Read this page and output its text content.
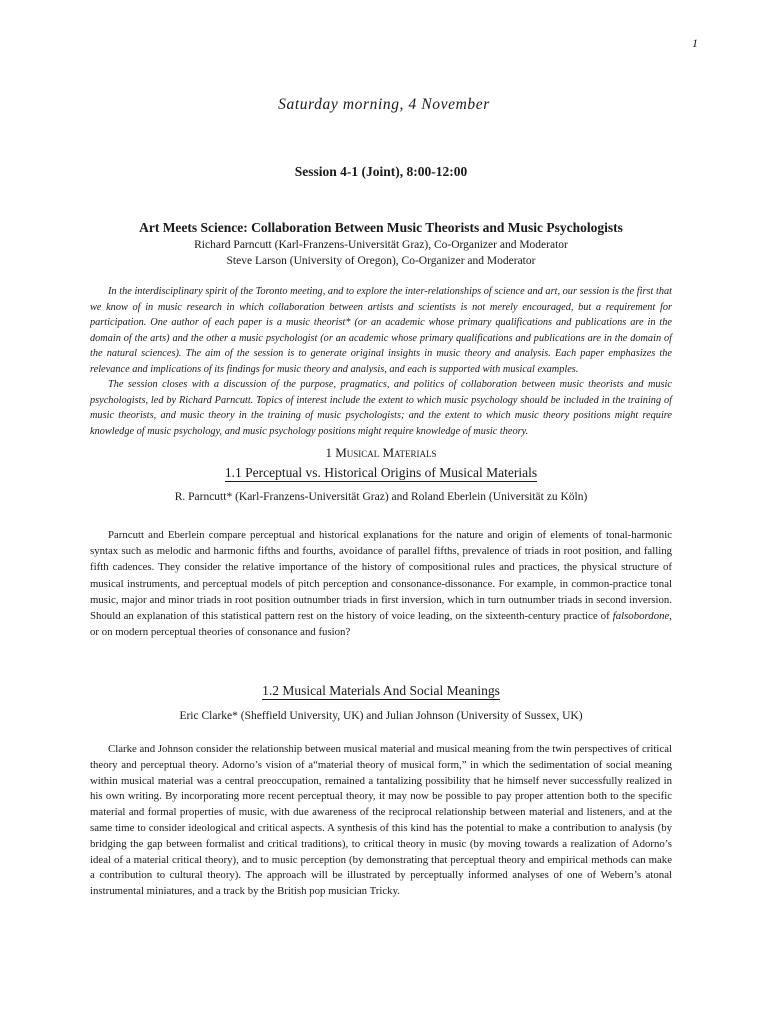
1
Saturday morning, 4 November
Session 4-1 (Joint), 8:00-12:00
Art Meets Science: Collaboration Between Music Theorists and Music Psychologists
Richard Parncutt (Karl-Franzens-Universität Graz), Co-Organizer and Moderator
Steve Larson (University of Oregon), Co-Organizer and Moderator

In the interdisciplinary spirit of the Toronto meeting, and to explore the inter-relationships of science and art, our session is the first that we know of in music research in which collaboration between artists and scientists is not merely encouraged, but a requirement for participation. One author of each paper is a music theorist* (or an academic whose primary qualifications and publications are in the domain of the arts) and the other a music psychologist (or an academic whose primary qualifications and publications are in the domain of the natural sciences). The aim of the session is to generate original insights in music theory and analysis. Each paper emphasizes the relevance and implications of its findings for music theory and analysis, and each is supported with musical examples.

The session closes with a discussion of the purpose, pragmatics, and politics of collaboration between music theorists and music psychologists, led by Richard Parncutt. Topics of interest include the extent to which music psychology should be included in the training of music theorists, and music theory in the training of music psychologists; and the extent to which music theory positions might require knowledge of music psychology, and music psychology positions might require knowledge of music theory.

1 Musical Materials
1.1 Perceptual vs. Historical Origins of Musical Materials
R. Parncutt* (Karl-Franzens-Universität Graz) and Roland Eberlein (Universität zu Köln)

Parncutt and Eberlein compare perceptual and historical explanations for the nature and origin of elements of tonal-harmonic syntax such as melodic and harmonic fifths and fourths, avoidance of parallel fifths, prevalence of triads in root position, and falling fifth cadences. They consider the relative importance of the history of compositional rules and practices, the physical structure of musical instruments, and perceptual models of pitch perception and consonance-dissonance. For example, in common-practice tonal music, major and minor triads in root position outnumber triads in first inversion, which in turn outnumber triads in second inversion. Should an explanation of this statistical pattern rest on the history of voice leading, on the sixteenth-century practice of falsobordone, or on modern perceptual theories of consonance and fusion?

1.2 Musical Materials And Social Meanings
Eric Clarke* (Sheffield University, UK) and Julian Johnson (University of Sussex, UK)

Clarke and Johnson consider the relationship between musical material and musical meaning from the twin perspectives of critical theory and perceptual theory. Adorno’s vision of a“material theory of musical form,” in which the sedimentation of social meaning within musical material was a central preoccupation, remained a tantalizing possibility that he himself never successfully realized in his own writing. By incorporating more recent perceptual theory, it may now be possible to pay proper attention both to the specific material and formal properties of music, with due awareness of the reciprocal relationship between material and listeners, and at the same time to consider ideological and critical aspects. A synthesis of this kind has the potential to make a contribution to analysis (by bridging the gap between formalist and critical traditions), to critical theory in music (by moving towards a realization of Adorno’s ideal of a material critical theory), and to music perception (by demonstrating that perceptual theory and empirical methods can make a contribution to cultural theory). The approach will be illustrated by perceptually informed analyses of one of Webern’s atonal instrumental miniatures, and a track by the British pop musician Tricky.
